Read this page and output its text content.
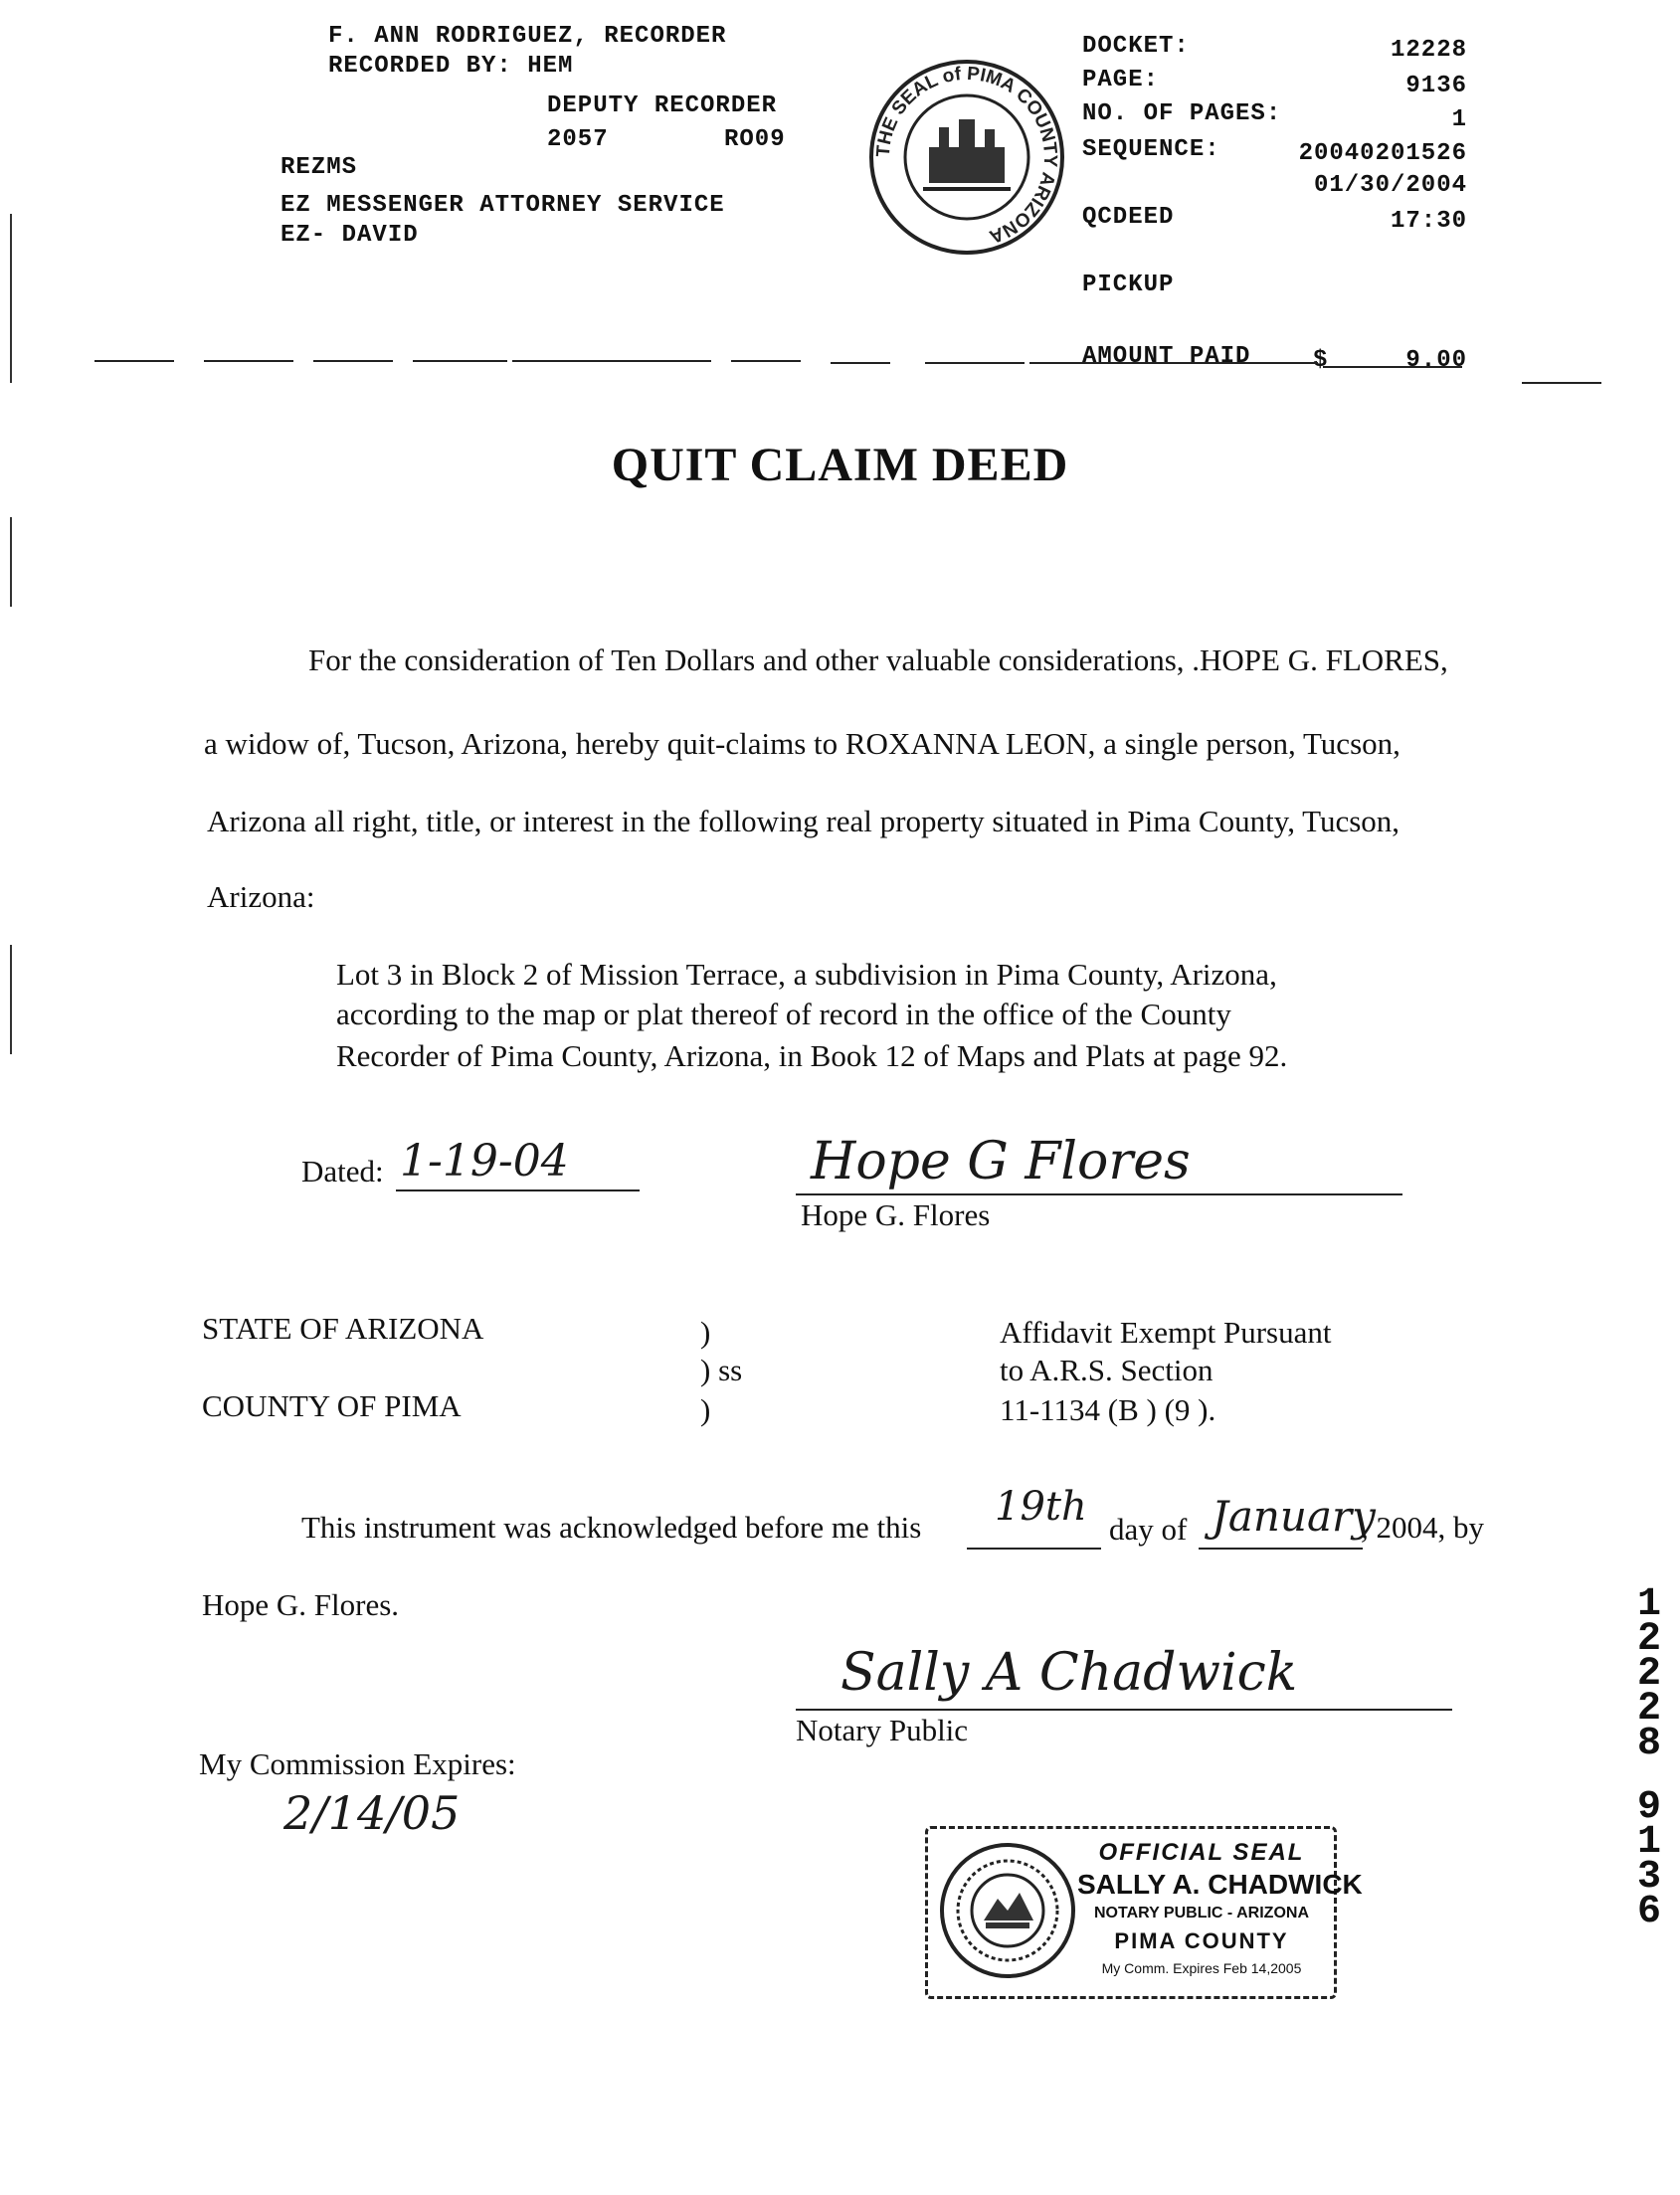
F. ANN RODRIGUEZ, RECORDER
RECORDED BY: HEM
DEPUTY RECORDER
2057	RO09
REZMS
EZ MESSENGER ATTORNEY SERVICE
EZ- DAVID
THE SEAL of PIMA COUNTY ARIZONA
DOCKET:	12228
PAGE:	9136
NO. OF PAGES:	1
SEQUENCE:	20040201526
01/30/2004
QCDEED	17:30
PICKUP
AMOUNT PAID	$	9.00
QUIT CLAIM DEED
For the consideration of Ten Dollars and other valuable considerations, .HOPE G. FLORES,
a widow of, Tucson, Arizona, hereby quit-claims to ROXANNA LEON, a single person, Tucson,
Arizona all right, title, or interest in the following real property situated in Pima County, Tucson,
Arizona:
Lot 3 in Block 2 of Mission Terrace, a subdivision in Pima County, Arizona,
according to the map or plat thereof of record in the office of the County
Recorder of Pima County, Arizona, in Book 12 of Maps and Plats at page 92.
Dated: 1-19-04	Hope G Flores
Hope G. Flores
STATE OF ARIZONA
COUNTY OF PIMA
)
) ss
)
Affidavit Exempt Pursuant
to A.R.S. Section
11-1134 (B ) (9 ).
This instrument was acknowledged before me this 19th day of January
, 2004, by
Hope G. Flores.
Sally A Chadwick
Notary Public
My Commission Expires:
2/14/05
OFFICIAL SEAL
SALLY A. CHADWICK
NOTARY PUBLIC - ARIZONA
PIMA COUNTY
My Comm. Expires Feb 14,2005
1
2
2
2
8
9
1
3
6
